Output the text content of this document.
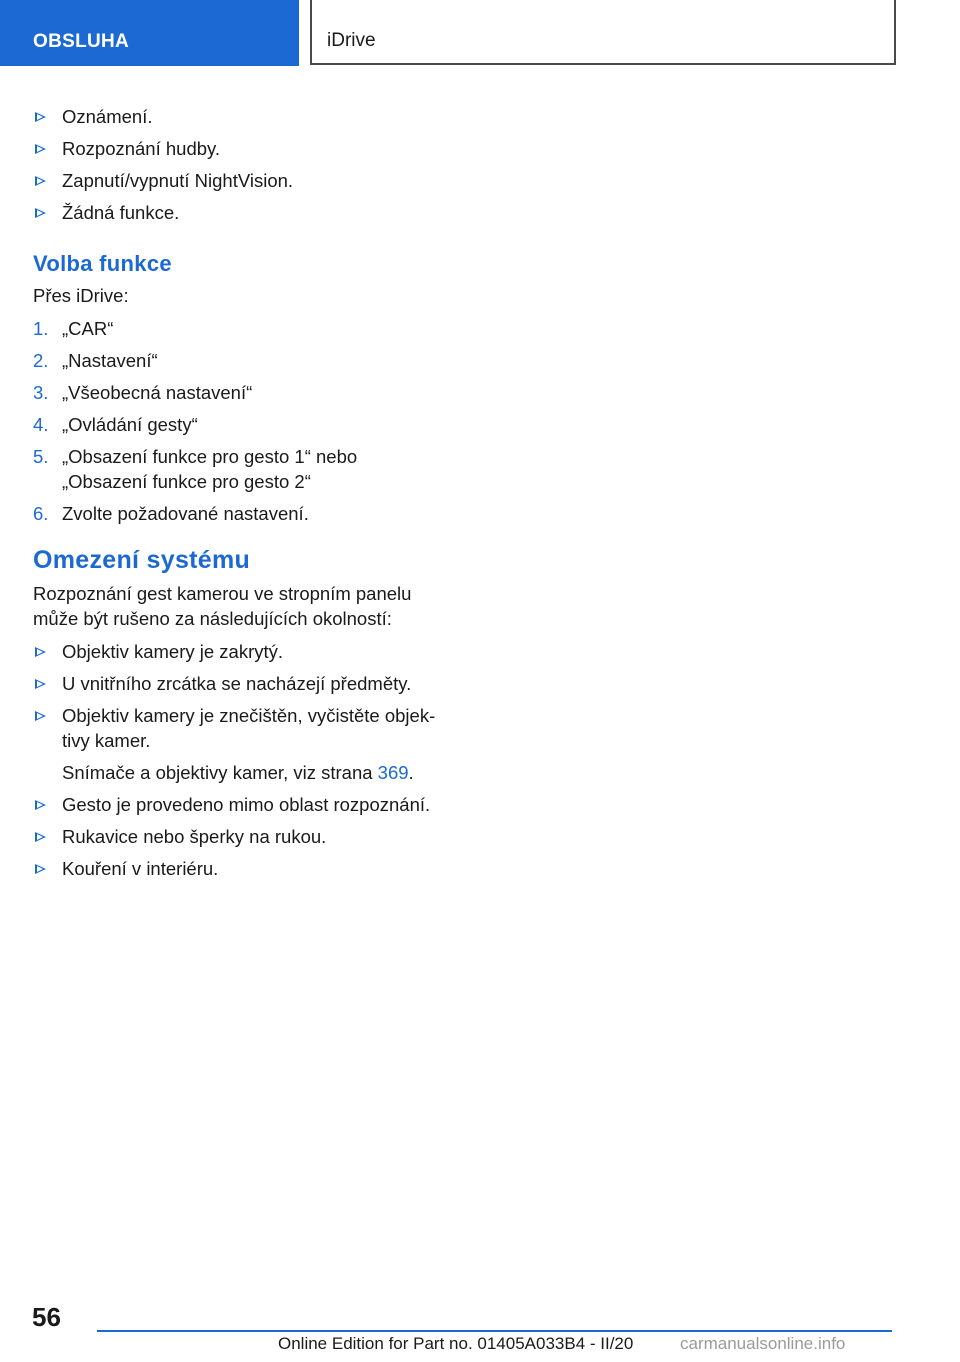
OBSLUHA	iDrive
Oznámení.
Rozpoznání hudby.
Zapnutí/vypnutí NightVision.
Žádná funkce.
Volba funkce

Přes iDrive:

1. „CAR“
2. „Nastavení“
3. „Všeobecná nastavení“
4. „Ovládání gesty“
5. „Obsazení funkce pro gesto 1“ nebo „Obsazení funkce pro gesto 2“
6. Zvolte požadované nastavení.
Omezení systému

Rozpoznání gest kamerou ve stropním panelu může být rušeno za následujících okolností:

Objektiv kamery je zakrytý.
U vnitřního zrcátka se nacházejí předměty.
Objektiv kamery je znečištěn, vyčistěte objek‐tivy kamer.
Snímače a objektivy kamer, viz strana 369.
Gesto je provedeno mimo oblast rozpoznání.
Rukavice nebo šperky na rukou.
Kouření v interiéru.
56
Online Edition for Part no. 01405A033B4 - II/20	carmanualsonline.info
